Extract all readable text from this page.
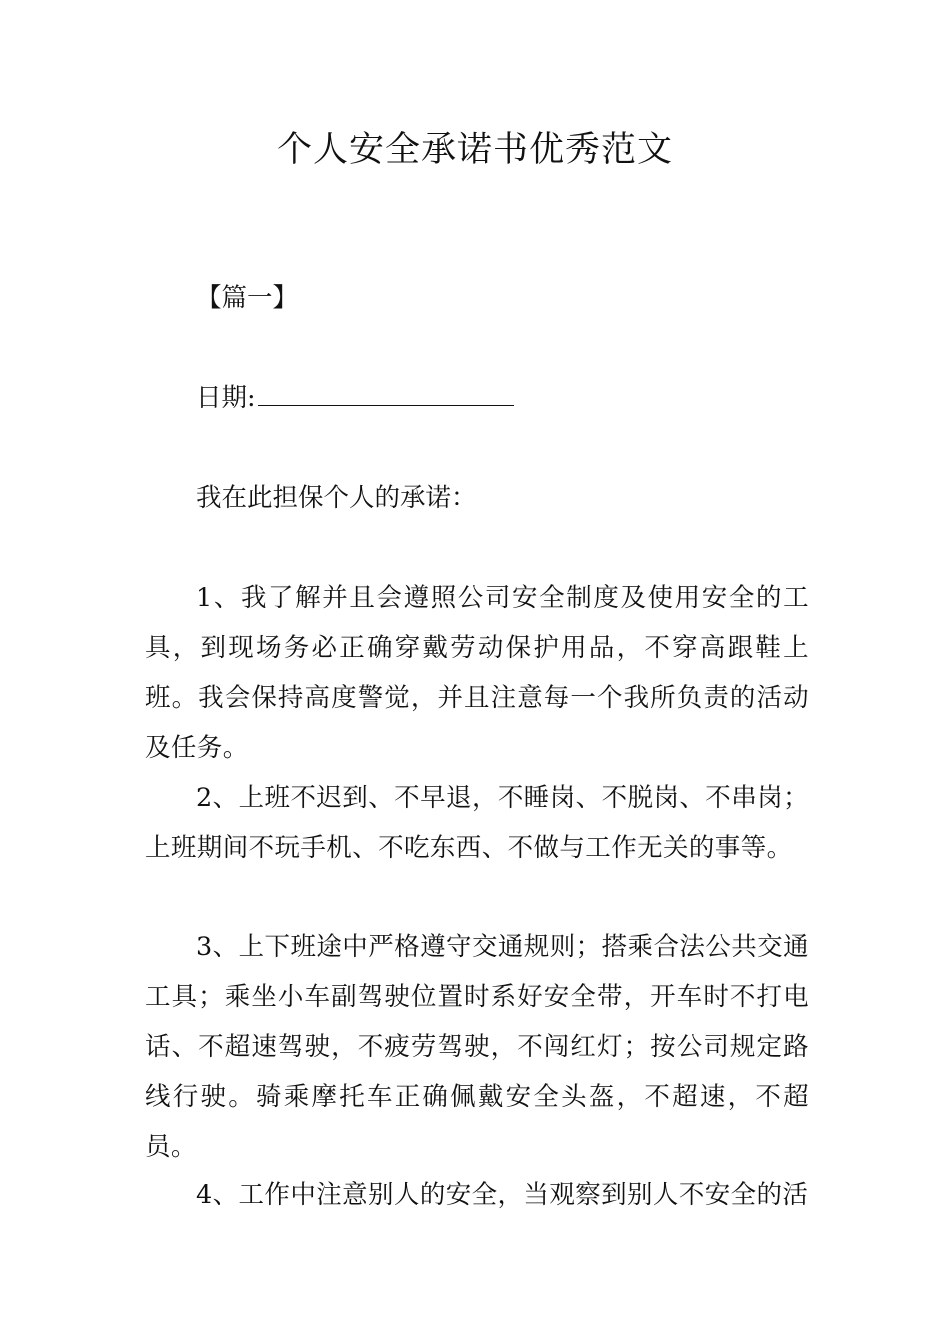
个人安全承诺书优秀范文

【篇一】

日期:

我在此担保个人的承诺：

1、我了解并且会遵照公司安全制度及使用安全的工具，到现场务必正确穿戴劳动保护用品，不穿高跟鞋上班。我会保持高度警觉，并且注意每一个我所负责的活动及任务。

2、上班不迟到、不早退，不睡岗、不脱岗、不串岗；上班期间不玩手机、不吃东西、不做与工作无关的事等。

3、上下班途中严格遵守交通规则；搭乘合法公共交通工具；乘坐小车副驾驶位置时系好安全带，开车时不打电话、不超速驾驶，不疲劳驾驶，不闯红灯；按公司规定路线行驶。骑乘摩托车正确佩戴安全头盔，不超速，不超员。

4、工作中注意别人的安全，当观察到别人不安全的活
